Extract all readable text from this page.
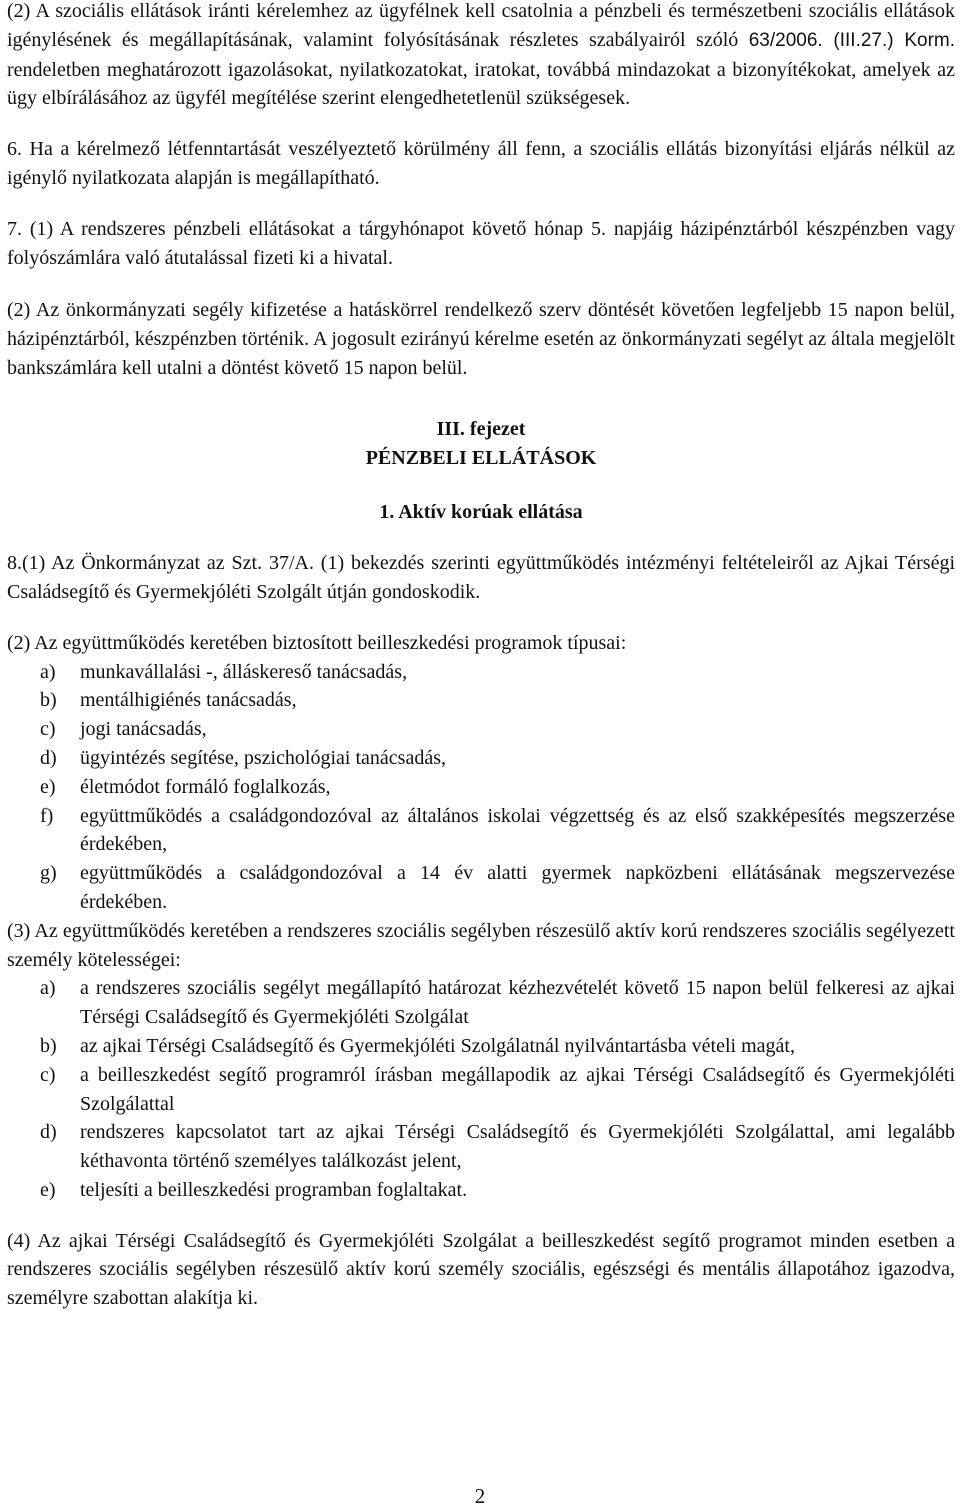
(2) A szociális ellátások iránti kérelemhez az ügyfélnek kell csatolnia a pénzbeli és természetbeni szociális ellátások igénylésének és megállapításának, valamint folyósításának részletes szabályairól szóló 63/2006. (III.27.) Korm. rendeletben meghatározott igazolásokat, nyilatkozatokat, iratokat, továbbá mindazokat a bizonyítékokat, amelyek az ügy elbírálásához az ügyfél megítélése szerint elengedhetetlenül szükségesek.

6. Ha a kérelmező létfenntartását veszélyeztető körülmény áll fenn, a szociális ellátás bizonyítási eljárás nélkül az igénylő nyilatkozata alapján is megállapítható.

7. (1) A rendszeres pénzbeli ellátásokat a tárgyhónapot követő hónap 5. napjáig házipénztárból készpénzben vagy folyószámlára való átutalással fizeti ki a hivatal.

(2) Az önkormányzati segély kifizetése a hatáskörrel rendelkező szerv döntését követően legfeljebb 15 napon belül, házipénztárból, készpénzben történik. A jogosult ezirányú kérelme esetén az önkormányzati segélyt az általa megjelölt bankszámlára kell utalni a döntést követő 15 napon belül.

III. fejezet

PÉNZBELI ELLÁTÁSOK

1. Aktív korúak ellátása

8.(1) Az Önkormányzat az Szt. 37/A. (1) bekezdés szerinti együttműködés intézményi feltételeiről az Ajkai Térségi Családsegítő és Gyermekjóléti Szolgált útján gondoskodik.

(2) Az együttműködés keretében biztosított beilleszkedési programok típusai:

a)	munkavállalási -, álláskereső tanácsadás,
b)	mentálhigiénés tanácsadás,
c)	jogi tanácsadás,
d)	ügyintézés segítése, pszichológiai tanácsadás,
e)	életmódot formáló foglalkozás,
f)	együttműködés a családgondozóval az általános iskolai végzettség és az első szakképesítés megszerzése érdekében,
g)	együttműködés a családgondozóval a 14 év alatti gyermek napközbeni ellátásának megszervezése érdekében.

(3) Az együttműködés keretében a rendszeres szociális segélyben részesülő aktív korú rendszeres szociális segélyezett személy kötelességei:

a)	a rendszeres szociális segélyt megállapító határozat kézhezvételét követő 15 napon belül felkeresi az ajkai Térségi Családsegítő és Gyermekjóléti Szolgálat
b)	az ajkai Térségi Családsegítő és Gyermekjóléti Szolgálatnál nyilvántartásba vételi magát,
c)	a beilleszkedést segítő programról írásban megállapodik az ajkai Térségi Családsegítő és Gyermekjóléti Szolgálattal
d)	rendszeres kapcsolatot tart az ajkai Térségi Családsegítő és Gyermekjóléti Szolgálattal, ami legalább kéthavonta történő személyes találkozást jelent,
e)	teljesíti a beilleszkedési programban foglaltakat.

(4) Az ajkai Térségi Családsegítő és Gyermekjóléti Szolgálat a beilleszkedést segítő programot minden esetben a rendszeres szociális segélyben részesülő aktív korú személy szociális, egészségi és mentális állapotához igazodva, személyre szabottan alakítja ki.

2
